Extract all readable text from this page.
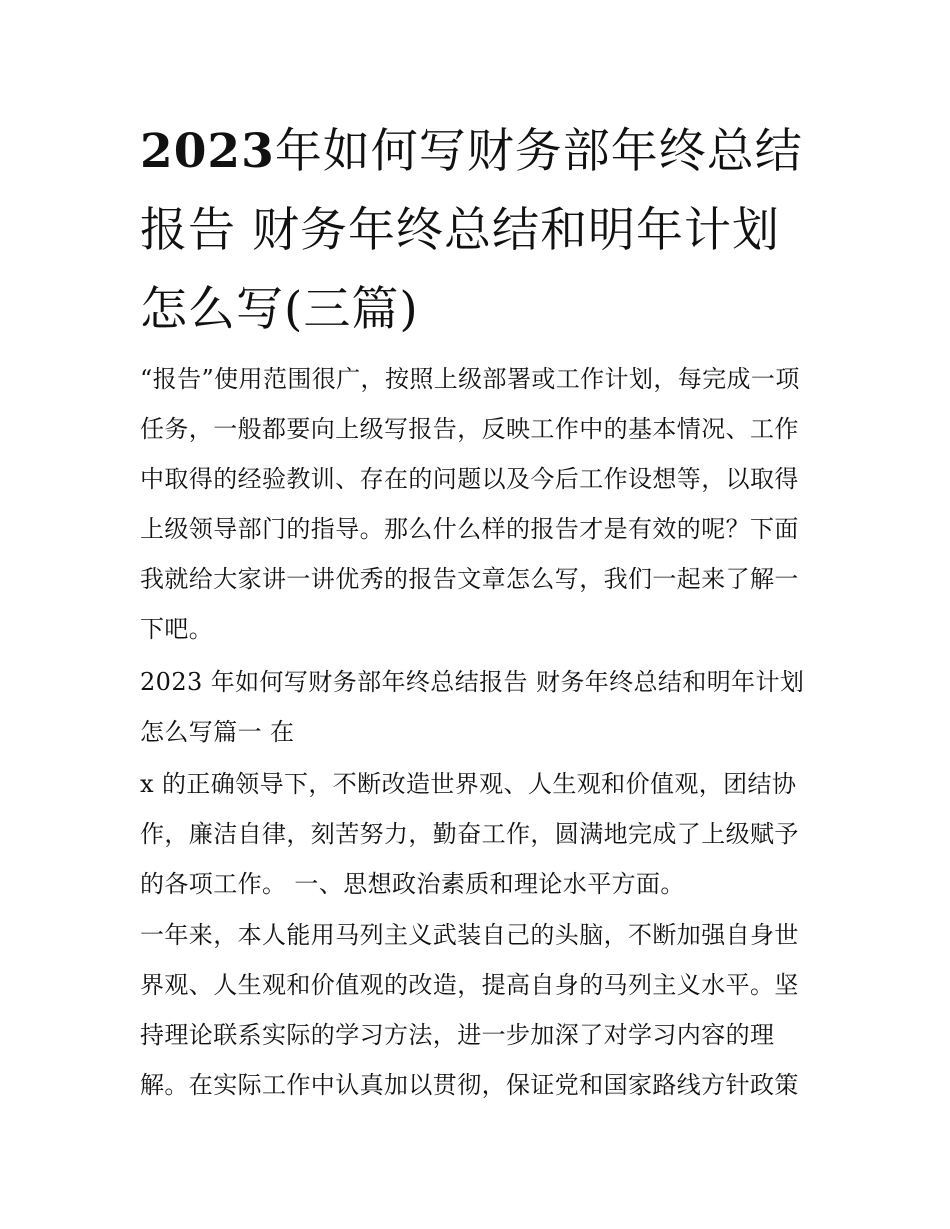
2023年如何写财务部年终总结
报告 财务年终总结和明年计划
怎么写(三篇)
“报告”使用范围很广，按照上级部署或工作计划，每完成一项
任务，一般都要向上级写报告，反映工作中的基本情况、工作
中取得的经验教训、存在的问题以及今后工作设想等，以取得
上级领导部门的指导。那么什么样的报告才是有效的呢？下面
我就给大家讲一讲优秀的报告文章怎么写，我们一起来了解一
下吧。
2023 年如何写财务部年终总结报告 财务年终总结和明年计划
怎么写篇一 在
x 的正确领导下，不断改造世界观、人生观和价值观，团结协
作，廉洁自律，刻苦努力，勤奋工作，圆满地完成了上级赋予
的各项工作。 一、思想政治素质和理论水平方面。
一年来，本人能用马列主义武装自己的头脑，不断加强自身世
界观、人生观和价值观的改造，提高自身的马列主义水平。坚
持理论联系实际的学习方法，进一步加深了对学习内容的理
解。在实际工作中认真加以贯彻，保证党和国家路线方针政策
